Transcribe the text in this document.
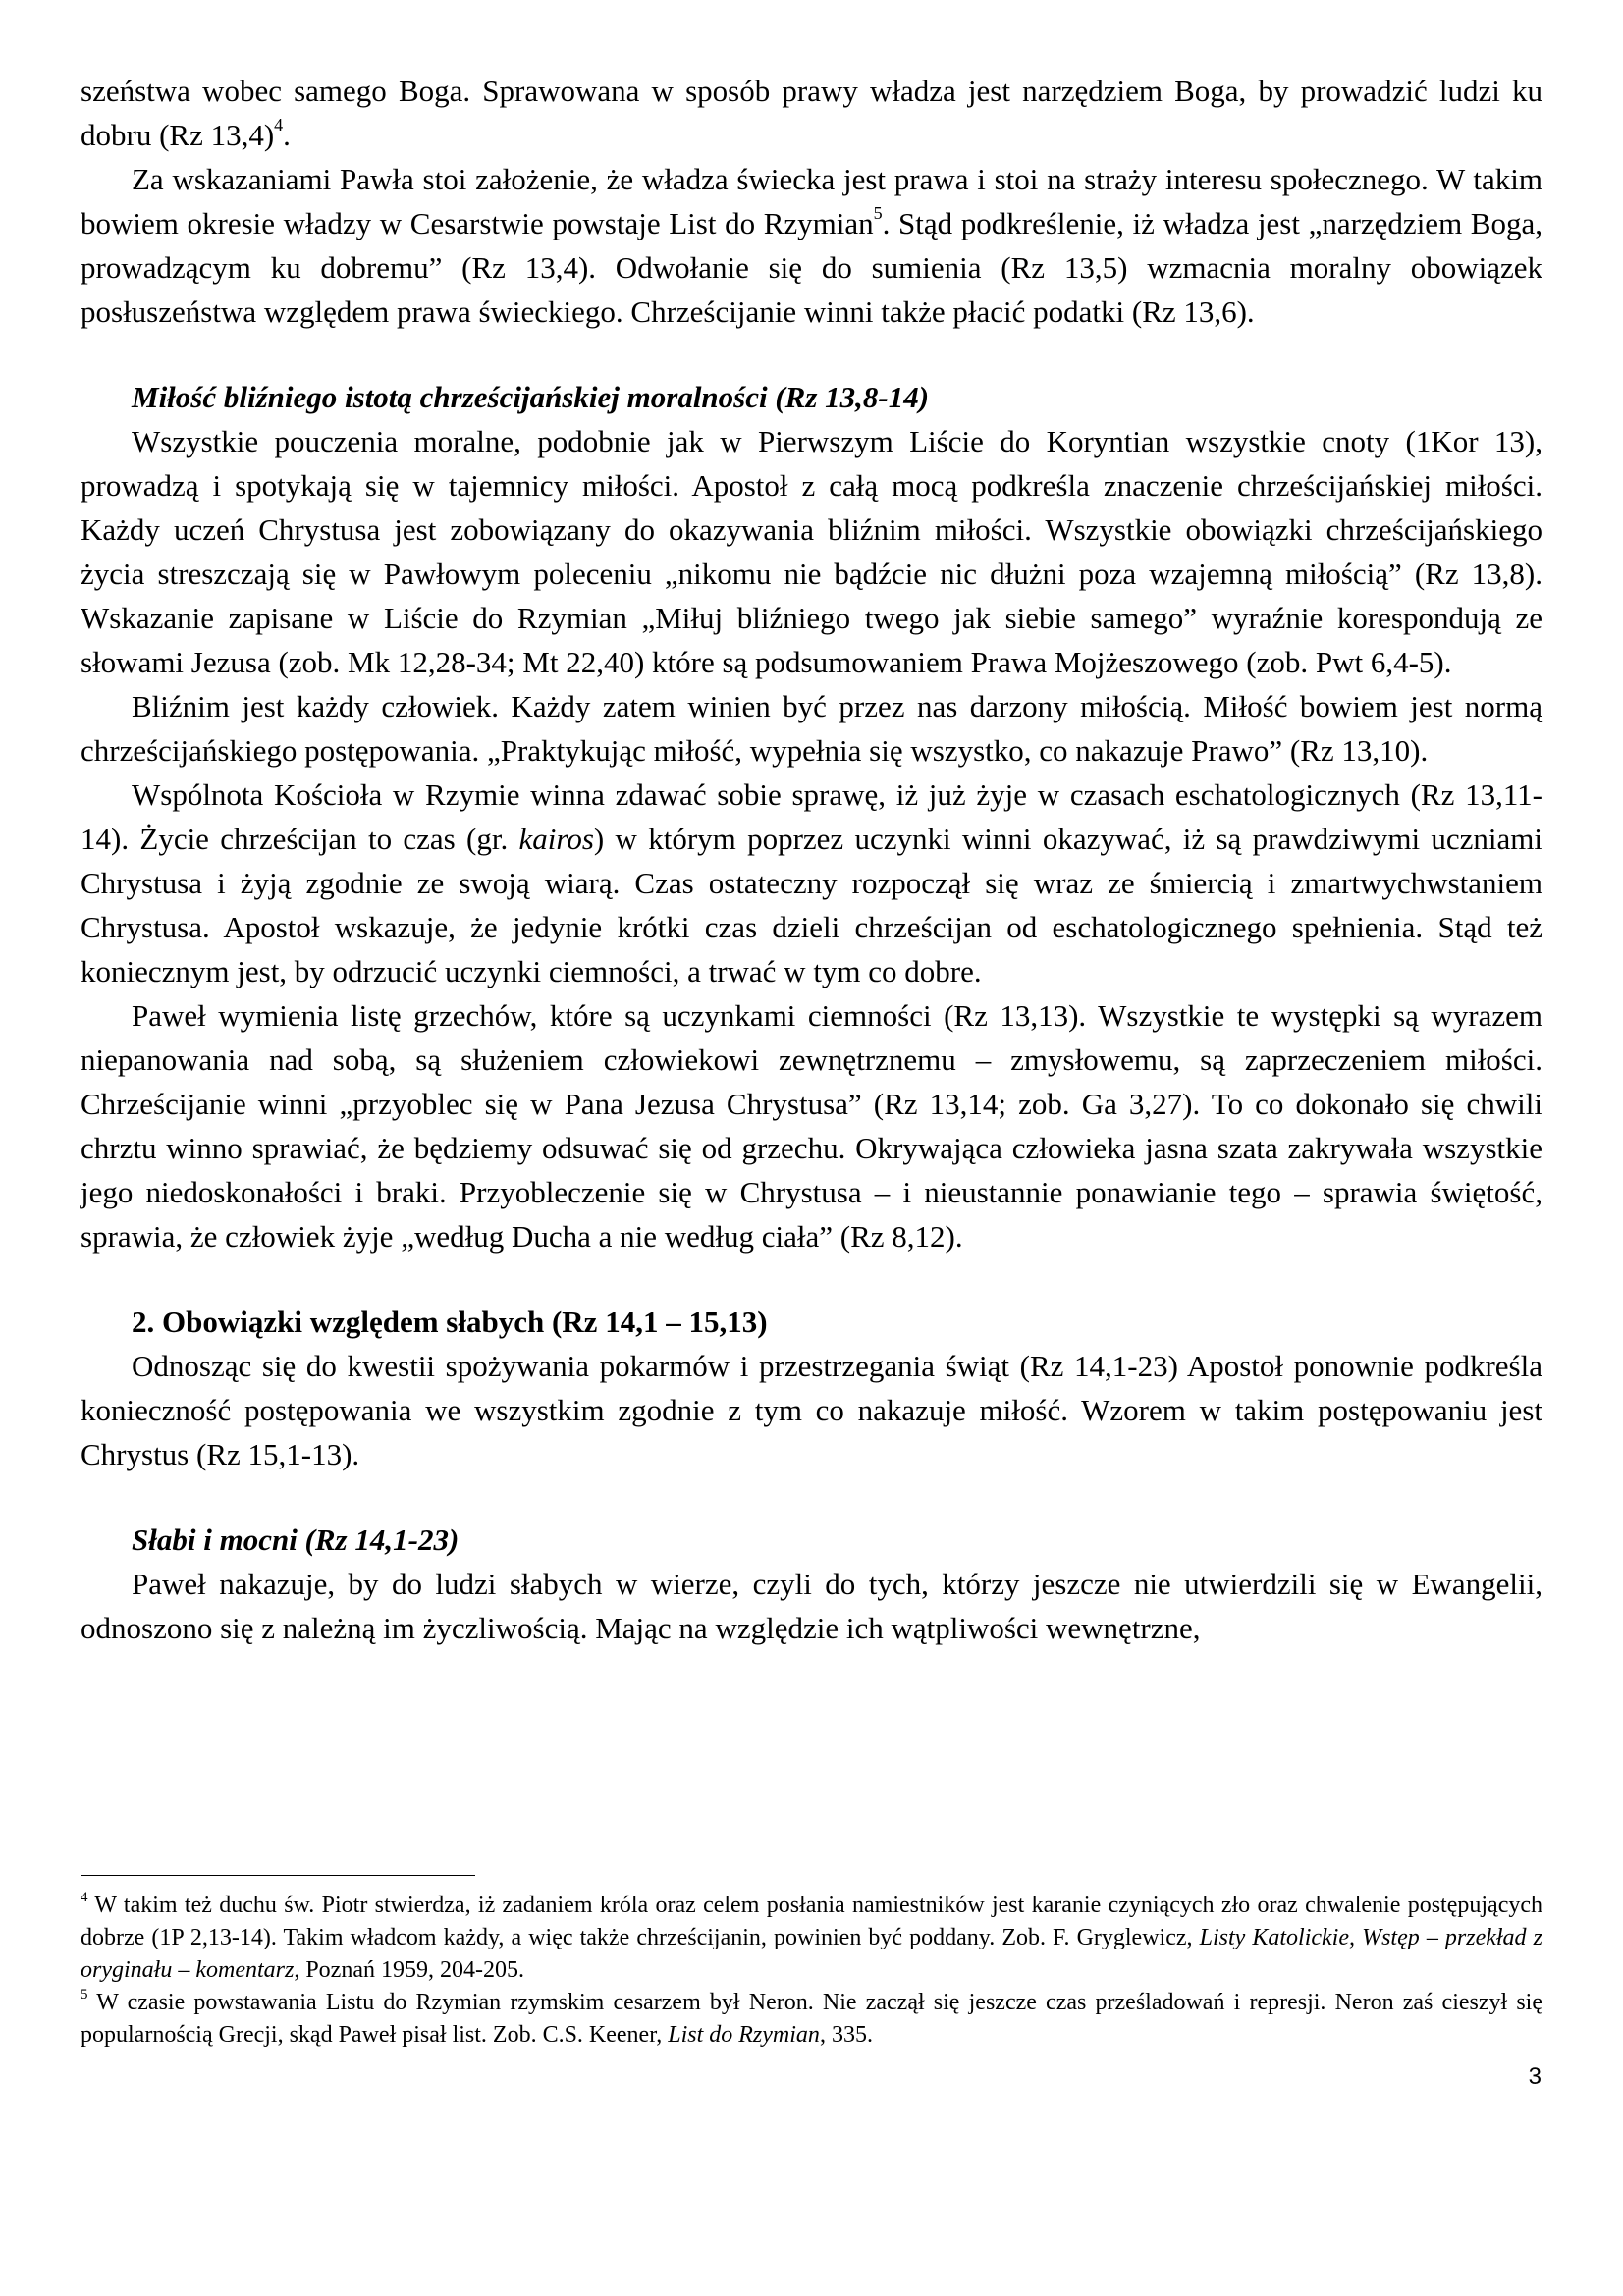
szeństwa wobec samego Boga. Sprawowana w sposób prawy władza jest narzędziem Boga, by prowadzić ludzi ku dobru (Rz 13,4)$^4$.

Za wskazaniami Pawła stoi założenie, że władza świecka jest prawa i stoi na straży interesu społecznego. W takim bowiem okresie władzy w Cesarstwie powstaje List do Rzymian$^5$. Stąd podkreślenie, iż władza jest „narzędziem Boga, prowadzącym ku dobremu” (Rz 13,4). Odwołanie się do sumienia (Rz 13,5) wzmacnia moralny obowiązek posłuszeństwa względem prawa świeckiego. Chrześcijanie winni także płacić podatki (Rz 13,6).

Miłość bliźniego istotą chrześcijańskiej moralności (Rz 13,8-14)

Wszystkie pouczenia moralne, podobnie jak w Pierwszym Liście do Koryntian wszystkie cnoty (1Kor 13), prowadzą i spotykają się w tajemnicy miłości. Apostoł z całą mocą podkreśla znaczenie chrześcijańskiej miłości. Każdy uczeń Chrystusa jest zobowiązany do okazywania bliźnim miłości. Wszystkie obowiązki chrześcijańskiego życia streszczają się w Pawłowym poleceniu „nikomu nie bądźcie nic dłużni poza wzajemną miłością” (Rz 13,8). Wskazanie zapisane w Liście do Rzymian „Miłuj bliźniego twego jak siebie samego” wyraźnie korespondują ze słowami Jezusa (zob. Mk 12,28-34; Mt 22,40) które są podsumowaniem Prawa Mojżeszowego (zob. Pwt 6,4-5).

Bliźnim jest każdy człowiek. Każdy zatem winien być przez nas darzony miłością. Miłość bowiem jest normą chrześcijańskiego postępowania. „Praktykując miłość, wypełnia się wszystko, co nakazuje Prawo” (Rz 13,10).

Wspólnota Kościoła w Rzymie winna zdawać sobie sprawę, iż już żyje w czasach eschatologicznych (Rz 13,11-14). Życie chrześcijan to czas (gr. kairos) w którym poprzez uczynki winni okazywać, iż są prawdziwymi uczniami Chrystusa i żyją zgodnie ze swoją wiarą. Czas ostateczny rozpoczął się wraz ze śmiercią i zmartwychwstaniem Chrystusa. Apostoł wskazuje, że jedynie krótki czas dzieli chrześcijan od eschatologicznego spełnienia. Stąd też koniecznym jest, by odrzucić uczynki ciemności, a trwać w tym co dobre.

Paweł wymienia listę grzechów, które są uczynkami ciemności (Rz 13,13). Wszystkie te występki są wyrazem niepanowania nad sobą, są służeniem człowiekowi zewnętrznemu – zmysłowemu, są zaprzeczeniem miłości. Chrześcijanie winni „przyoblec się w Pana Jezusa Chrystusa” (Rz 13,14; zob. Ga 3,27). To co dokonało się chwili chrztu winno sprawiać, że będziemy odsuwać się od grzechu. Okrywająca człowieka jasna szata zakrywała wszystkie jego niedoskonałości i braki. Przyobleczenie się w Chrystusa – i nieustannie ponawianie tego – sprawia świętość, sprawia, że człowiek żyje „według Ducha a nie według ciała” (Rz 8,12).

2. Obowiązki względem słabych (Rz 14,1 – 15,13)

Odnosząc się do kwestii spożywania pokarmów i przestrzegania świąt (Rz 14,1-23) Apostoł ponownie podkreśla konieczność postępowania we wszystkim zgodnie z tym co nakazuje miłość. Wzorem w takim postępowaniu jest Chrystus (Rz 15,1-13).

Słabi i mocni (Rz 14,1-23)

Paweł nakazuje, by do ludzi słabych w wierze, czyli do tych, którzy jeszcze nie utwierdzili się w Ewangelii, odnoszono się z należną im życzliwością. Mając na względzie ich wątpliwości wewnętrzne,

$^4$ W takim też duchu św. Piotr stwierdza, iż zadaniem króla oraz celem posłania namiestników jest karanie czyniących zło oraz chwalenie postępujących dobrze (1P 2,13-14). Takim władcom każdy, a więc także chrześcijanin, powinien być poddany. Zob. F. Gryglewicz, Listy Katolickie, Wstęp – przekład z oryginału – komentarz, Poznań 1959, 204-205.

$^5$ W czasie powstawania Listu do Rzymian rzymskim cesarzem był Neron. Nie zaczął się jeszcze czas prześladowań i represji. Neron zaś cieszył się popularnością Grecji, skąd Paweł pisał list. Zob. C.S. Keener, List do Rzymian, 335.

3
